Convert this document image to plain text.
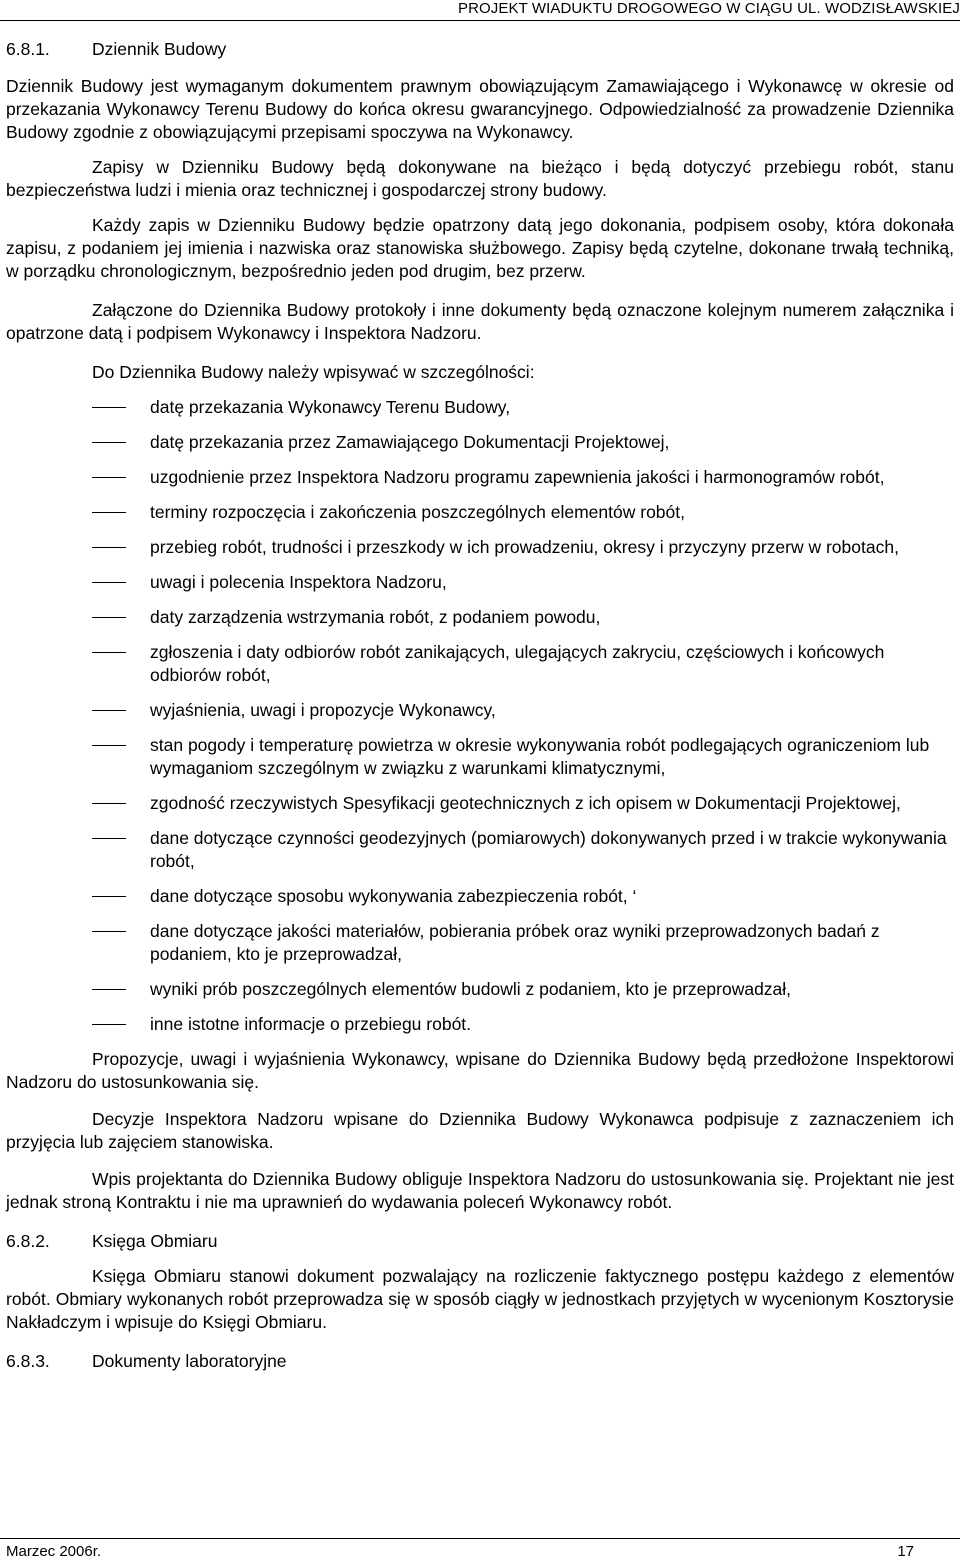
PROJEKT WIADUKTU DROGOWEGO W CIĄGU UL. WODZISŁAWSKIEJ
6.8.1.	Dziennik Budowy

Dziennik Budowy jest wymaganym dokumentem prawnym obowiązującym Zamawiającego i Wykonawcę w okresie od przekazania Wykonawcy Terenu Budowy do końca okresu gwarancyjnego. Odpowiedzialność za prowadzenie Dziennika Budowy zgodnie z obowiązującymi przepisami spoczywa na Wykonawcy.

Zapisy w Dzienniku Budowy będą dokonywane na bieżąco i będą dotyczyć przebiegu robót, stanu bezpieczeństwa ludzi i mienia oraz technicznej i gospodarczej strony budowy.

Każdy zapis w Dzienniku Budowy będzie opatrzony datą jego dokonania, podpisem osoby, która dokonała zapisu, z podaniem jej imienia i nazwiska oraz stanowiska służbowego. Zapisy będą czytelne, dokonane trwałą techniką, w porządku chronologicznym, bezpośrednio jeden pod drugim, bez przerw.

Załączone do Dziennika Budowy protokoły i inne dokumenty będą oznaczone kolejnym numerem załącznika i opatrzone datą i podpisem Wykonawcy i Inspektora Nadzoru.

Do Dziennika Budowy należy wpisywać w szczególności:

datę przekazania Wykonawcy Terenu Budowy,
datę przekazania przez Zamawiającego Dokumentacji Projektowej,
uzgodnienie przez Inspektora Nadzoru programu zapewnienia jakości i harmonogramów robót,
terminy rozpoczęcia i zakończenia poszczególnych elementów robót,
przebieg robót, trudności i przeszkody w ich prowadzeniu, okresy i przyczyny przerw w robotach,
uwagi i polecenia Inspektora Nadzoru,
daty zarządzenia wstrzymania robót, z podaniem powodu,
zgłoszenia i daty odbiorów robót zanikających, ulegających zakryciu, częściowych i końcowych odbiorów robót,
wyjaśnienia, uwagi i propozycje Wykonawcy,
stan pogody i temperaturę powietrza w okresie wykonywania robót podlegających ograniczeniom lub wymaganiom szczególnym w związku z warunkami klimatycznymi,
zgodność rzeczywistych Spesyfikacji geotechnicznych z ich opisem w Dokumentacji Projektowej,
dane dotyczące czynności geodezyjnych (pomiarowych) dokonywanych przed i w trakcie wykonywania robót,
dane dotyczące sposobu wykonywania zabezpieczenia robót, ‘
dane dotyczące jakości materiałów, pobierania próbek oraz wyniki przeprowadzonych badań z podaniem, kto je przeprowadzał,
wyniki prób poszczególnych elementów budowli z podaniem, kto je przeprowadzał,
inne istotne informacje o przebiegu robót.

Propozycje, uwagi i wyjaśnienia Wykonawcy, wpisane do Dziennika Budowy będą przedłożone Inspektorowi Nadzoru do ustosunkowania się.

Decyzje Inspektora Nadzoru wpisane do Dziennika Budowy Wykonawca podpisuje z zaznaczeniem ich przyjęcia lub zajęciem stanowiska.

Wpis projektanta do Dziennika Budowy obliguje Inspektora Nadzoru do ustosunkowania się. Projektant nie jest jednak stroną Kontraktu i nie ma uprawnień do wydawania poleceń Wykonawcy robót.

6.8.2.	Księga Obmiaru

Księga Obmiaru stanowi dokument pozwalający na rozliczenie faktycznego postępu każdego z elementów robót. Obmiary wykonanych robót przeprowadza się w sposób ciągły w jednostkach przyjętych w wycenionym Kosztorysie Nakładczym i wpisuje do Księgi Obmiaru.

6.8.3.	Dokumenty laboratoryjne
Marzec 2006r.	17
